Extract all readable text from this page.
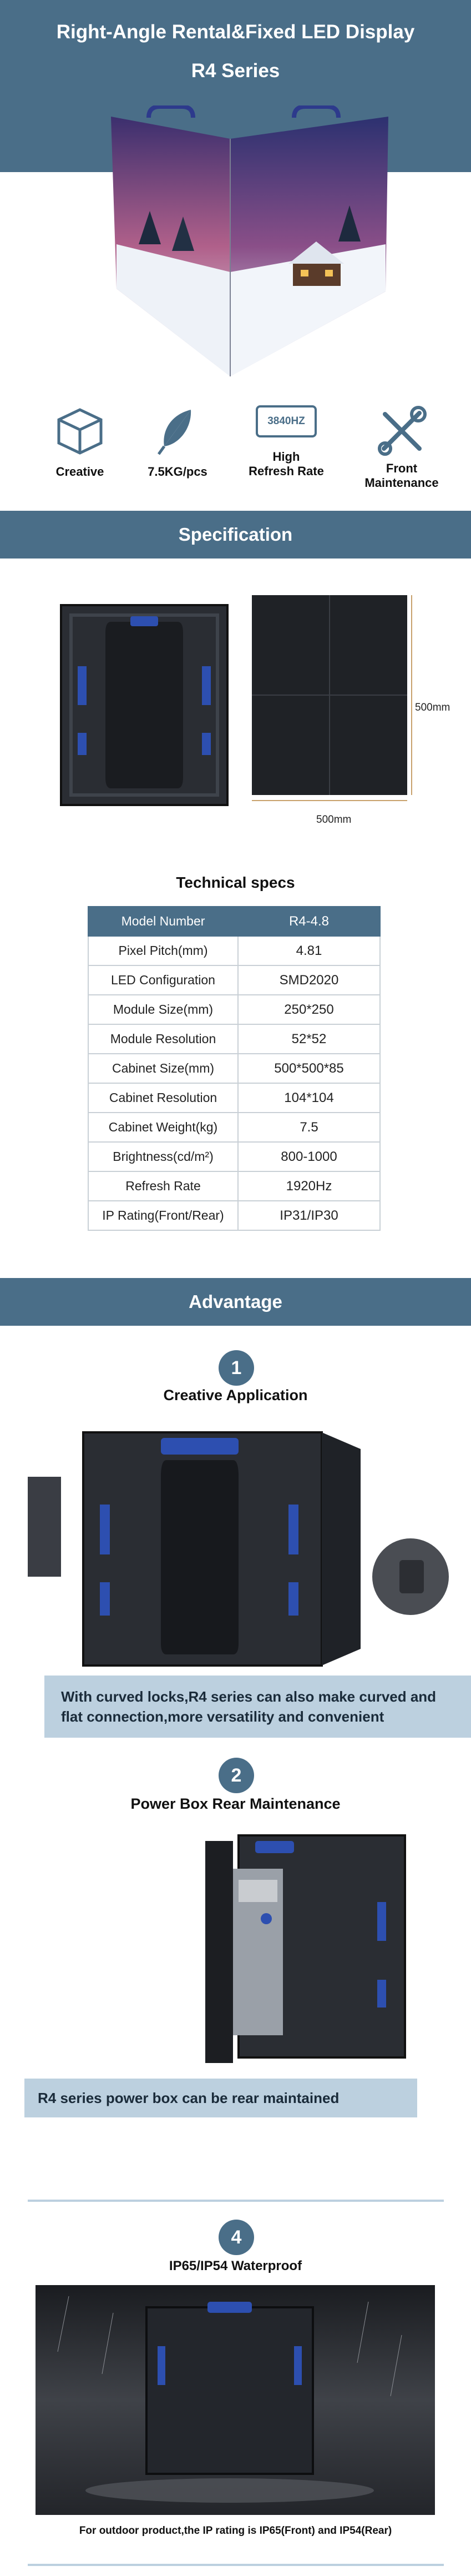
Right-Angle Rental&Fixed LED Display
R4 Series
Creative	7.5KG/pcs
3840HZ
High
Refresh Rate	Front
Maintenance
Specification
500mm
500mm
Technical specs
Model Number	R4-4.8
Pixel Pitch(mm)	4.81
LED Configuration	SMD2020
Module Size(mm)	250*250
Module Resolution	52*52
Cabinet Size(mm)	500*500*85
Cabinet Resolution	104*104
Cabinet Weight(kg)	7.5
Brightness(cd/m²)	800-1000
Refresh Rate	1920Hz
IP Rating(Front/Rear)	IP31/IP30
Advantage
1
Creative Application
With curved locks,R4 series can also make curved and flat connection,more versatility and convenient
2
Power Box Rear Maintenance
R4 series power box can be rear maintained
4
IP65/IP54 Waterproof
For outdoor product,the IP rating is IP65(Front) and IP54(Rear)
